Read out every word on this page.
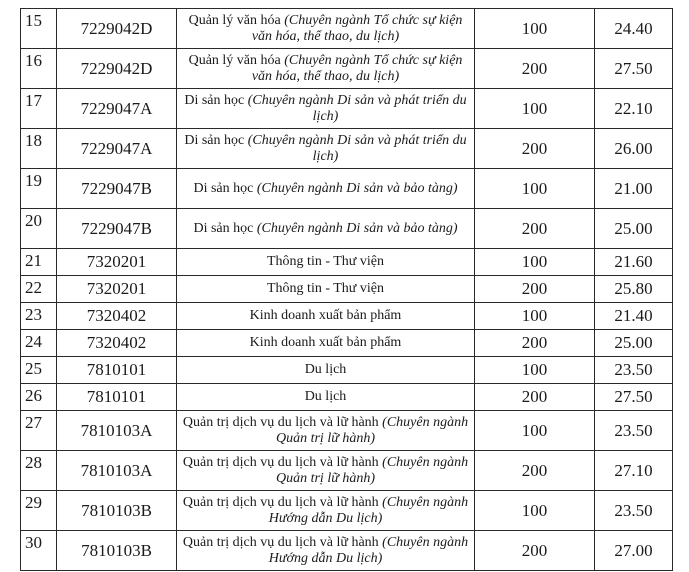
15	7229042D	Quản lý văn hóa (Chuyên ngành Tổ chức sự kiện văn hóa, thể thao, du lịch)	100	24.40
16	7229042D	Quản lý văn hóa (Chuyên ngành Tổ chức sự kiện văn hóa, thể thao, du lịch)	200	27.50
17	7229047A	Di sản học (Chuyên ngành Di sản và phát triển du lịch)	100	22.10
18	7229047A	Di sản học (Chuyên ngành Di sản và phát triển du lịch)	200	26.00
19	7229047B	Di sản học (Chuyên ngành Di sản và bảo tàng)	100	21.00
20	7229047B	Di sản học (Chuyên ngành Di sản và bảo tàng)	200	25.00
21	7320201	Thông tin - Thư viện	100	21.60
22	7320201	Thông tin - Thư viện	200	25.80
23	7320402	Kinh doanh xuất bản phẩm	100	21.40
24	7320402	Kinh doanh xuất bản phẩm	200	25.00
25	7810101	Du lịch	100	23.50
26	7810101	Du lịch	200	27.50
27	7810103A	Quản trị dịch vụ du lịch và lữ hành (Chuyên ngành Quản trị lữ hành)	100	23.50
28	7810103A	Quản trị dịch vụ du lịch và lữ hành (Chuyên ngành Quản trị lữ hành)	200	27.10
29	7810103B	Quản trị dịch vụ du lịch và lữ hành (Chuyên ngành Hướng dẫn Du lịch)	100	23.50
30	7810103B	Quản trị dịch vụ du lịch và lữ hành (Chuyên ngành Hướng dẫn Du lịch)	200	27.00
